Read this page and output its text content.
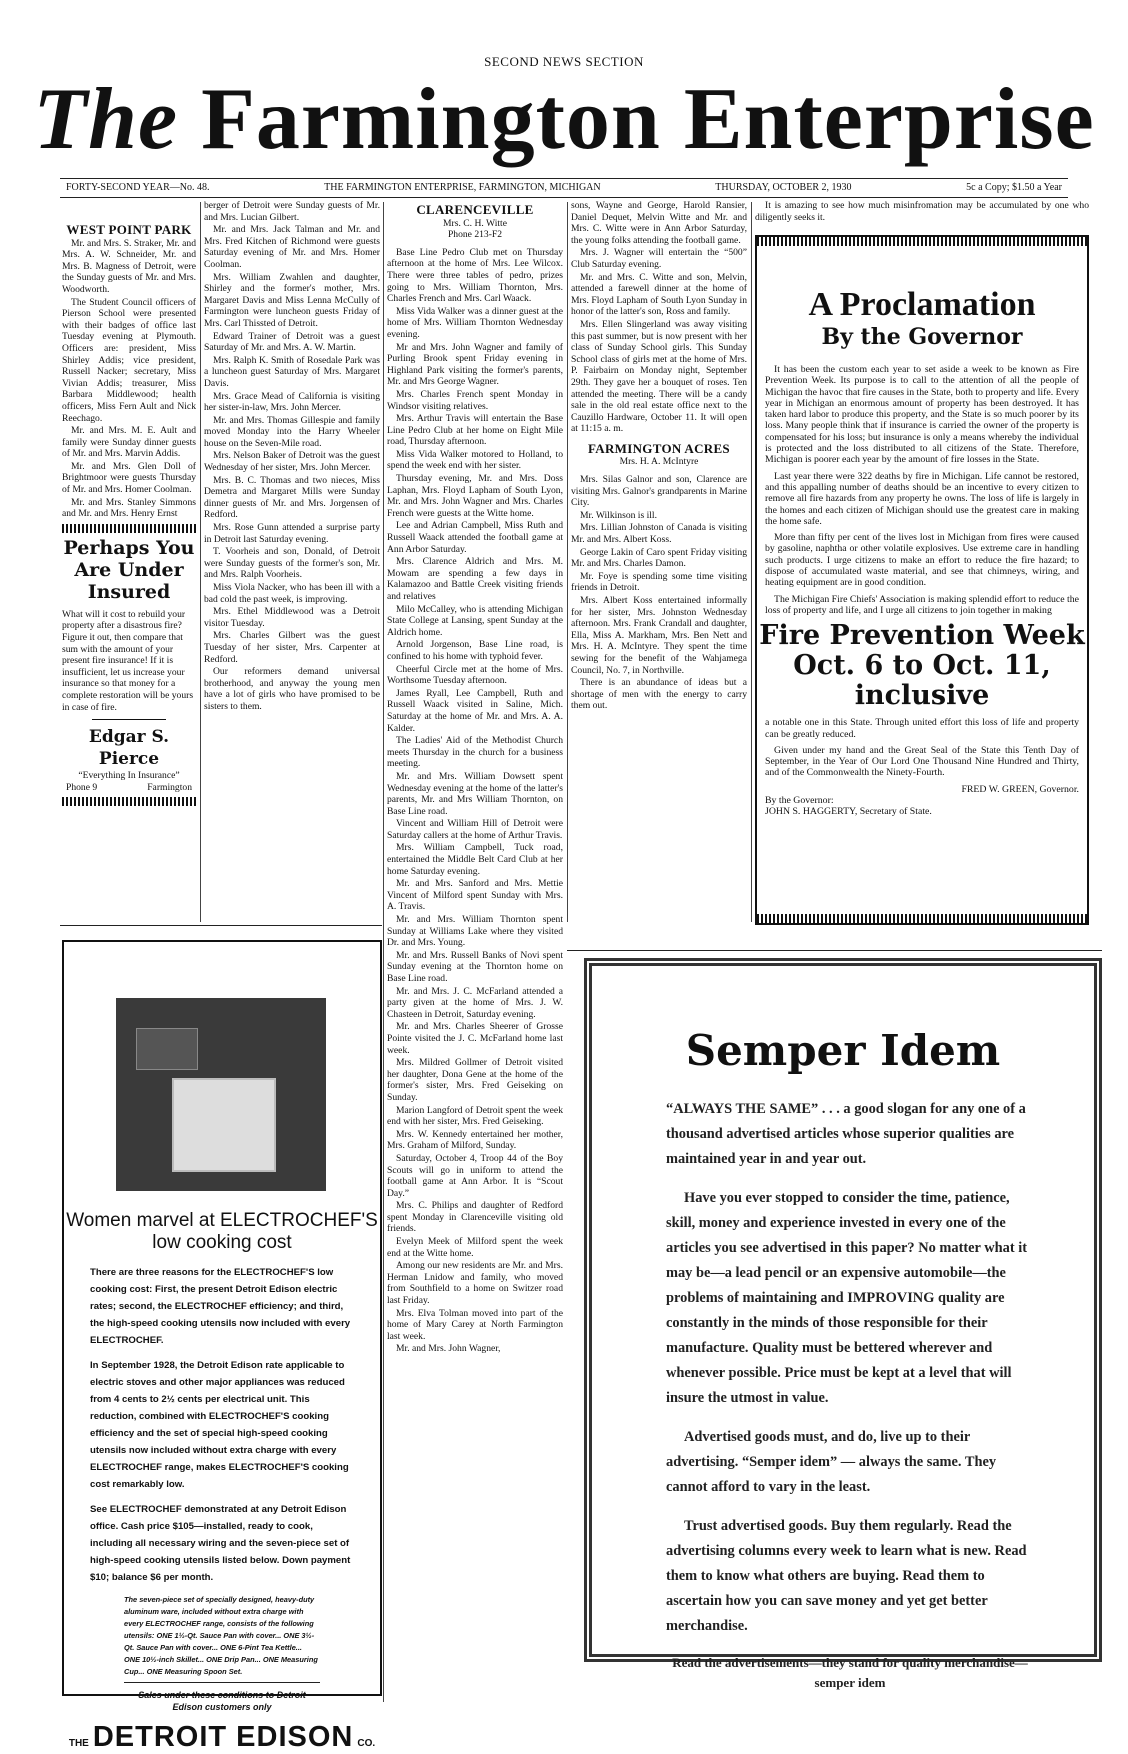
SECOND NEWS SECTION
The Farmington Enterprise
FORTY-SECOND YEAR—No. 48.	THE FARMINGTON ENTERPRISE, FARMINGTON, MICHIGAN	THURSDAY, OCTOBER 2, 1930	5c a Copy; $1.50 a Year
WEST POINT PARK

Mr. and Mrs. S. Straker, Mr. and Mrs. A. W. Schneider, Mr. and Mrs. B. Magness of Detroit, were the Sunday guests of Mr. and Mrs. Woodworth.

The Student Council officers of Pierson School were presented with their badges of office last Tuesday evening at Plymouth. Officers are: president, Miss Shirley Addis; vice president, Russell Nacker; secretary, Miss Vivian Addis; treasurer, Miss Barbara Middlewood; health officers, Miss Fern Ault and Nick Reechago.

Mr. and Mrs. M. E. Ault and family were Sunday dinner guests of Mr. and Mrs. Marvin Addis.

Mr. and Mrs. Glen Doll of Brightmoor were guests Thursday of Mr. and Mrs. Homer Coolman.

Mr. and Mrs. Stanley Simmons and Mr. and Mrs. Henry Ernst

Perhaps You Are Under Insured

What will it cost to rebuild your property after a disastrous fire? Figure it out, then compare that sum with the amount of your present fire insurance! If it is insufficient, let us increase your insurance so that money for a complete restoration will be yours in case of fire.

Edgar S. Pierce
“Everything In Insurance”
Phone 9	Farmington

berger of Detroit were Sunday guests of Mr. and Mrs. Lucian Gilbert.

Mr. and Mrs. Jack Talman and Mr. and Mrs. Fred Kitchen of Richmond were guests Saturday evening of Mr. and Mrs. Homer Coolman.

Mrs. William Zwahlen and daughter, Shirley and the former's mother, Mrs. Margaret Davis and Miss Lenna McCully of Farmington were luncheon guests Friday of Mrs. Carl Thissted of Detroit.

Edward Trainer of Detroit was a guest Saturday of Mr. and Mrs. A. W. Martin.

Mrs. Ralph K. Smith of Rosedale Park was a luncheon guest Saturday of Mrs. Margaret Davis.

Mrs. Grace Mead of California is visiting her sister-in-law, Mrs. John Mercer.

Mr. and Mrs. Thomas Gillespie and family moved Monday into the Harry Wheeler house on the Seven-Mile road.

Mrs. Nelson Baker of Detroit was the guest Wednesday of her sister, Mrs. John Mercer.

Mrs. B. C. Thomas and two nieces, Miss Demetra and Margaret Mills were Sunday dinner guests of Mr. and Mrs. Jorgensen of Redford.

Mrs. Rose Gunn attended a surprise party in Detroit last Saturday evening.

T. Voorheis and son, Donald, of Detroit were Sunday guests of the former's son, Mr. and Mrs. Ralph Voorheis.

Miss Viola Nacker, who has been ill with a bad cold the past week, is improving.

Mrs. Ethel Middlewood was a Detroit visitor Tuesday.

Mrs. Charles Gilbert was the guest Tuesday of her sister, Mrs. Carpenter at Redford.

Our reformers demand universal brotherhood, and anyway the young men have a lot of girls who have promised to be sisters to them.

CLARENCEVILLE
Mrs. C. H. Witte
Phone 213-F2

Base Line Pedro Club met on Thursday afternoon at the home of Mrs. Lee Wilcox. There were three tables of pedro, prizes going to Mrs. William Thornton, Mrs. Charles French and Mrs. Carl Waack.

Miss Vida Walker was a dinner guest at the home of Mrs. William Thornton Wednesday evening.

Mr and Mrs. John Wagner and family of Purling Brook spent Friday evening in Highland Park visiting the former's parents, Mr. and Mrs George Wagner.

Mrs. Charles French spent Monday in Windsor visiting relatives.

Mrs. Arthur Travis will entertain the Base Line Pedro Club at her home on Eight Mile road, Thursday afternoon.

Miss Vida Walker motored to Holland, to spend the week end with her sister.

Thursday evening, Mr. and Mrs. Doss Laphan, Mrs. Floyd Lapham of South Lyon, Mr. and Mrs. John Wagner and Mrs. Charles French were guests at the Witte home.

Lee and Adrian Campbell, Miss Ruth and Russell Waack attended the football game at Ann Arbor Saturday.

Mrs. Clarence Aldrich and Mrs. M. Mowam are spending a few days in Kalamazoo and Battle Creek visiting friends and relatives

Milo McCalley, who is attending Michigan State College at Lansing, spent Sunday at the Aldrich home.

Arnold Jorgenson, Base Line road, is confined to his home with typhoid fever.

Cheerful Circle met at the home of Mrs. Worthsome Tuesday afternoon.

James Ryall, Lee Campbell, Ruth and Russell Waack visited in Saline, Mich. Saturday at the home of Mr. and Mrs. A. A. Kalder.

The Ladies' Aid of the Methodist Church meets Thursday in the church for a business meeting.

Mr. and Mrs. William Dowsett spent Wednesday evening at the home of the latter's parents, Mr. and Mrs William Thornton, on Base Line road.

Vincent and William Hill of Detroit were Saturday callers at the home of Arthur Travis.

Mrs. William Campbell, Tuck road, entertained the Middle Belt Card Club at her home Saturday evening.

Mr. and Mrs. Sanford and Mrs. Mettie Vincent of Milford spent Sunday with Mrs. A. Travis.

Mr. and Mrs. William Thornton spent Sunday at Williams Lake where they visited Dr. and Mrs. Young.

Mr. and Mrs. Russell Banks of Novi spent Sunday evening at the Thornton home on Base Line road.

Mr. and Mrs. J. C. McFarland attended a party given at the home of Mrs. J. W. Chasteen in Detroit, Saturday evening.

Mr. and Mrs. Charles Sheerer of Grosse Pointe visited the J. C. McFarland home last week.

Mrs. Mildred Gollmer of Detroit visited her daughter, Dona Gene at the home of the former's sister, Mrs. Fred Geiseking on Sunday.

Marion Langford of Detroit spent the week end with her sister, Mrs. Fred Geiseking.

Mrs. W. Kennedy entertained her mother, Mrs. Graham of Milford, Sunday.

Saturday, October 4, Troop 44 of the Boy Scouts will go in uniform to attend the football game at Ann Arbor. It is “Scout Day.”

Mrs. C. Philips and daughter of Redford spent Monday in Clarenceville visiting old friends.

Evelyn Meek of Milford spent the week end at the Witte home.

Among our new residents are Mr. and Mrs. Herman Lnidow and family, who moved from Southfield to a home on Switzer road last Friday.

Mrs. Elva Tolman moved into part of the home of Mary Carey at North Farmington last week.

Mr. and Mrs. John Wagner,

sons, Wayne and George, Harold Ransier, Daniel Dequet, Melvin Witte and Mr. and Mrs. C. Witte were in Ann Arbor Saturday, the young folks attending the football game.

Mrs. J. Wagner will entertain the “500” Club Saturday evening.

Mr. and Mrs. C. Witte and son, Melvin, attended a farewell dinner at the home of Mrs. Floyd Lapham of South Lyon Sunday in honor of the latter's son, Ross and family.

Mrs. Ellen Slingerland was away visiting this past summer, but is now present with her class of Sunday School girls. This Sunday School class of girls met at the home of Mrs. P. Fairbairn on Monday night, September 29th. They gave her a bouquet of roses. Ten attended the meeting. There will be a candy sale in the old real estate office next to the Cauzillo Hardware, October 11. It will open at 11:15 a. m.

FARMINGTON ACRES
Mrs. H. A. McIntyre

Mrs. Silas Galnor and son, Clarence are visiting Mrs. Galnor's grandparents in Marine City.

Mr. Wilkinson is ill.

Mrs. Lillian Johnston of Canada is visiting Mr. and Mrs. Albert Koss.

George Lakin of Caro spent Friday visiting Mr. and Mrs. Charles Damon.

Mr. Foye is spending some time visiting friends in Detroit.

Mrs. Albert Koss entertained informally for her sister, Mrs. Johnston Wednesday afternoon. Mrs. Frank Crandall and daughter, Ella, Miss A. Markham, Mrs. Ben Nett and Mrs. H. A. McIntyre. They spent the time sewing for the benefit of the Wahjamega Council, No. 7, in Northville.

There is an abundance of ideas but a shortage of men with the energy to carry them out.

It is amazing to see how much misinfromation may be accumulated by one who diligently seeks it.

A Proclamation
By the Governor

It has been the custom each year to set aside a week to be known as Fire Prevention Week. Its purpose is to call to the attention of all the people of Michigan the havoc that fire causes in the State, both to property and life. Every year in Michigan an enormous amount of property has been destroyed. It has taken hard labor to produce this property, and the State is so much poorer by its loss. Many people think that if insurance is carried the owner of the property is compensated for his loss; but insurance is only a means whereby the individual is protected and the loss distributed to all citizens of the State. Therefore, Michigan is poorer each year by the amount of fire losses in the State.

Last year there were 322 deaths by fire in Michigan. Life cannot be restored, and this appalling number of deaths should be an incentive to every citizen to remove all fire hazards from any property he owns. The loss of life is largely in the homes and each citizen of Michigan should use the greatest care in making the home safe.

More than fifty per cent of the lives lost in Michigan from fires were caused by gasoline, naphtha or other volatile explosives. Use extreme care in handling such products. I urge citizens to make an effort to reduce the fire hazard; to dispose of accumulated waste material, and see that chimneys, wiring, and heating equipment are in good condition.

The Michigan Fire Chiefs' Association is making splendid effort to reduce the loss of property and life, and I urge all citizens to join together in making

Fire Prevention Week
Oct. 6 to Oct. 11, inclusive

a notable one in this State. Through united effort this loss of life and property can be greatly reduced.

Given under my hand and the Great Seal of the State this Tenth Day of September, in the Year of Our Lord One Thousand Nine Hundred and Thirty, and of the Commonwealth the Ninety-Fourth.

FRED W. GREEN, Governor.

By the Governor:

JOHN S. HAGGERTY, Secretary of State.

Women marvel at ELECTROCHEF'S
low cooking cost

There are three reasons for the ELECTROCHEF'S low cooking cost: First, the present Detroit Edison electric rates; second, the ELECTROCHEF efficiency; and third, the high-speed cooking utensils now included with every ELECTROCHEF.

In September 1928, the Detroit Edison rate applicable to electric stoves and other major appliances was reduced from 4 cents to 2½ cents per electrical unit. This reduction, combined with ELECTROCHEF'S cooking efficiency and the set of special high-speed cooking utensils now included without extra charge with every ELECTROCHEF range, makes ELECTROCHEF'S cooking cost remarkably low.

See ELECTROCHEF demonstrated at any Detroit Edison office. Cash price $105—installed, ready to cook, including all necessary wiring and the seven-piece set of high-speed cooking utensils listed below. Down payment $10; balance $6 per month.

The seven-piece set of specially designed, heavy-duty aluminum ware, included without extra charge with every ELECTROCHEF range, consists of the following utensils: ONE 1½-Qt. Sauce Pan with cover... ONE 3½-Qt. Sauce Pan with cover... ONE 6-Pint Tea Kettle... ONE 10½-inch Skillet... ONE Drip Pan... ONE Measuring Cup... ONE Measuring Spoon Set.
Sales under these conditions to Detroit Edison customers only
THE DETROIT EDISON CO.
Semper Idem

“ALWAYS THE SAME” . . . a good slogan for any one of a thousand advertised articles whose superior qualities are maintained year in and year out.

Have you ever stopped to consider the time, patience, skill, money and experience invested in every one of the articles you see advertised in this paper? No matter what it may be—a lead pencil or an expensive automobile—the problems of maintaining and IMPROVING quality are constantly in the minds of those responsible for their manufacture. Quality must be bettered wherever and whenever possible. Price must be kept at a level that will insure the utmost in value.

Advertised goods must, and do, live up to their advertising. “Semper idem” — always the same. They cannot afford to vary in the least.

Trust advertised goods. Buy them regularly. Read the advertising columns every week to learn what is new. Read them to know what others are buying. Read them to ascertain how you can save money and yet get better merchandise.

Read the advertisements—they stand for quality merchandise—semper idem
